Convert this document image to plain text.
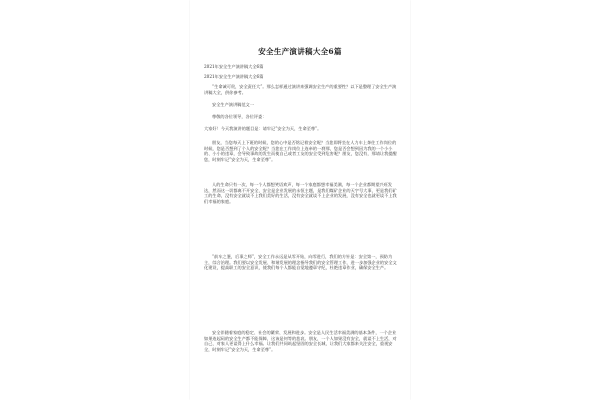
安全生产演讲稿大全6篇
2021年安全生产演讲稿大全6篇
2021年安全生产演讲稿大全6篇
“生命诚可贵，安全责任大”。那么怎样通过演讲来强调安全生产的重要性？以下是整理了安全生产演讲稿大全，供你参考。
安全生产演讲稿范文一
尊敬的各位领导，各位评委：
大家好！今天我演讲的题目是：请牢记“安全为天，生命至尊”。
朋友，当您每天上下班的时候，您的心中是否铭记着安全呢？当您即将坐在人力车上奔往工作岗位的时候，您是否想到了个人的安全呢？当您在工作岗位上连牵的一刹那，您是否会想到因为我的一个小小的、小小的违章，会导致事故的发生而使自己或者工友的安全受到危害呢？朋友，您没有，那请让我提醒您，时刻牢记“安全为天，生命至尊”。
人的生命只有一次，每一个人都想笑语欢声，每一个家庭都想幸福美满，每一个企业都期望兴旺发达，然而这一切都离不开安全，安全是企业发展的永恒主题，是我们煤矿企业的天字号大事，更是我们矿工的生命，没有安全就谈不上我们美好的生活，没有安全就谈不上企业的发展，没有安全也就更谈不上我们幸福的家庭。
“前车之鉴，后事之师”，安全工作永远是从零开始，向零进行，我们的方针是：安全第一，预防为主，综合治理。我们要以安全发展、和谐发展的理念指导我们的安全管理工作，进一步加强企业的安全文化建设，提高职工的安全意识，使我们每个人都能自觉地遵章守纪，杜绝违章作业，确保安全生产。
安全伴随着家庭的稳定、社会的繁荣、发展和进步。安全是人民生活幸福美满的基本条件，一个企业如果连起码的安全生产都不能保障，这该是何等的悲哀。朋友，一个人如果没有安全，就谈不上生活，对自己、对家人更谈得上什么幸福。让我们共同筑起坚固的安全长城，让我们大家都来关注安全，重视安全，时刻牢记“安全为天，生命至尊”。
